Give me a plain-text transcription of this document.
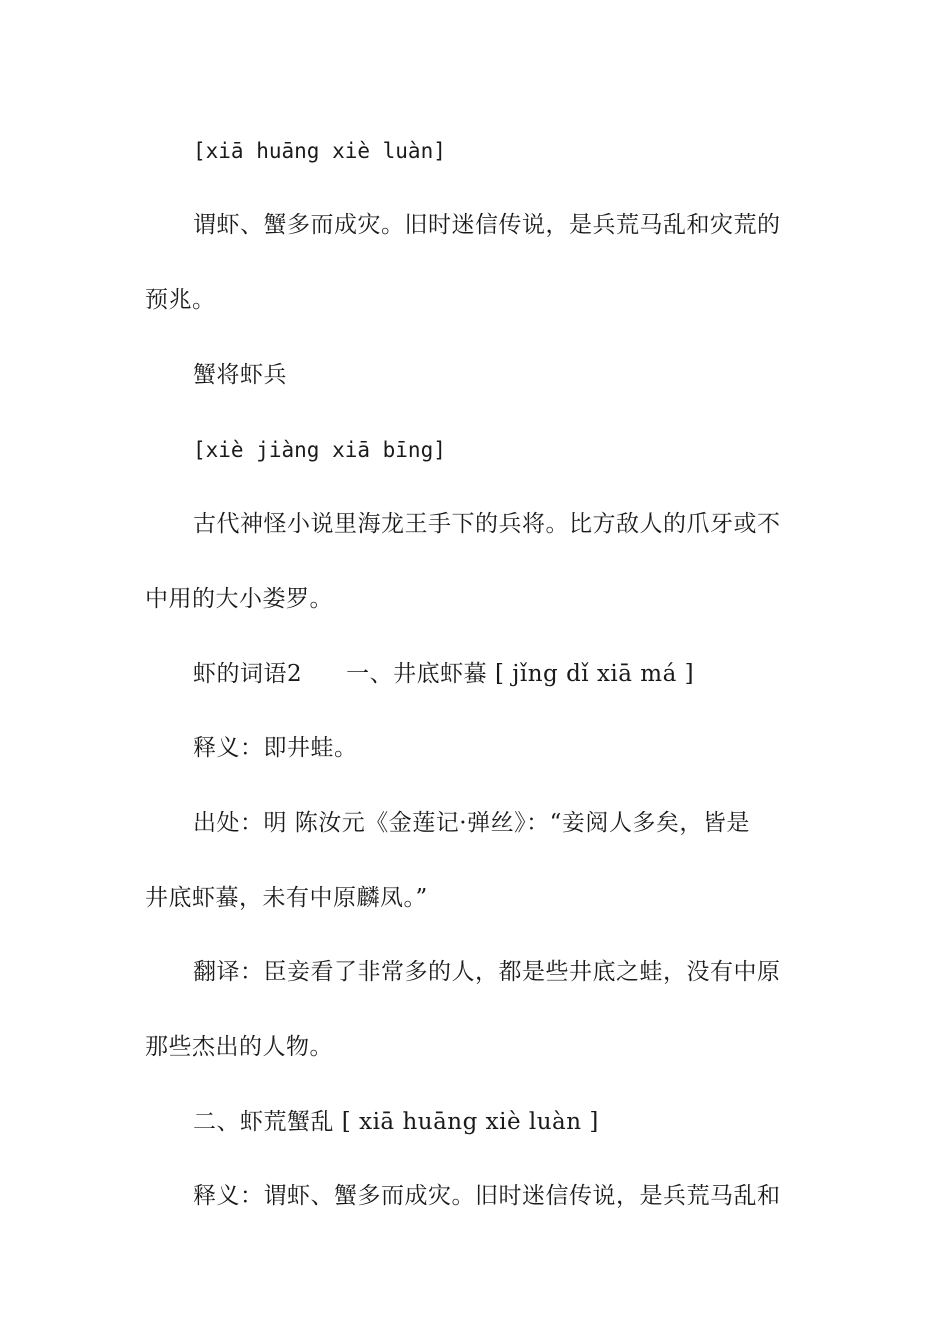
[xiā huāng xiè luàn]
谓虾、蟹多而成灾。旧时迷信传说，是兵荒马乱和灾荒的
预兆。
蟹将虾兵
[xiè jiàng xiā bīng]
古代神怪小说里海龙王手下的兵将。比方敌人的爪牙或不
中用的大小娄罗。
虾的词语2 一、井底虾蟇 [ jǐng dǐ xiā má ]
释义：即井蛙。
出处：明 陈汝元《金莲记·弹丝》：“妾阅人多矣，皆是
井底虾蟇，未有中原麟凤。”
翻译：臣妾看了非常多的人，都是些井底之蛙，没有中原
那些杰出的人物。
二、虾荒蟹乱 [ xiā huāng xiè luàn ]
释义：谓虾、蟹多而成灾。旧时迷信传说，是兵荒马乱和
